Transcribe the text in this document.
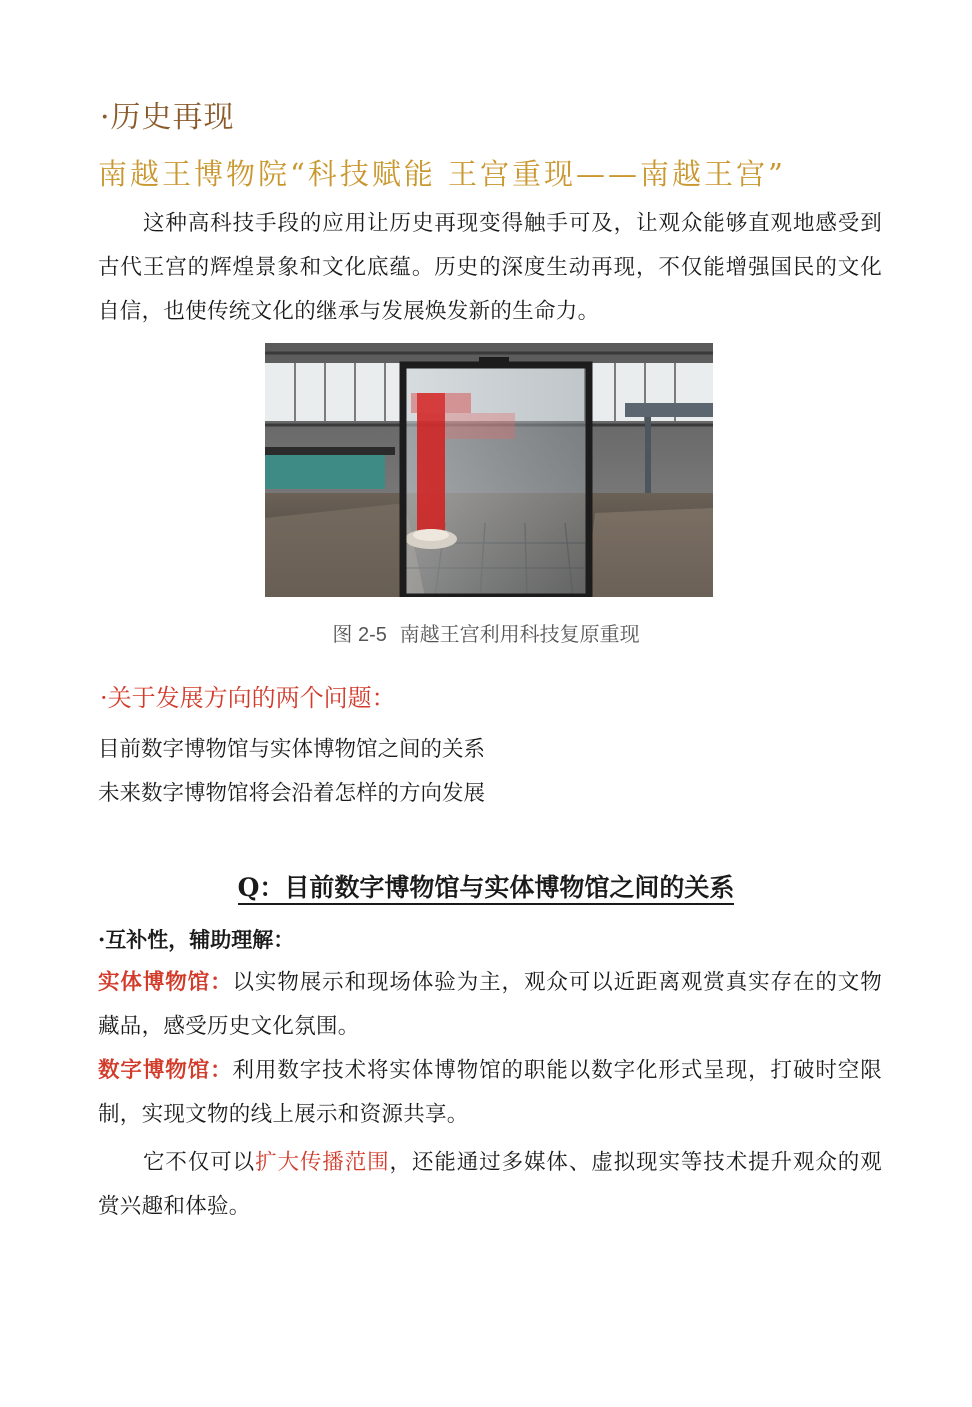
·历史再现
南越王博物院“科技赋能 王宫重现——南越王宫”
这种高科技手段的应用让历史再现变得触手可及，让观众能够直观地感受到古代王宫的辉煌景象和文化底蕴。历史的深度生动再现，不仅能增强国民的文化自信，也使传统文化的继承与发展焕发新的生命力。
图 2-5 南越王宫利用科技复原重现
·关于发展方向的两个问题：
目前数字博物馆与实体博物馆之间的关系
未来数字博物馆将会沿着怎样的方向发展
Q：目前数字博物馆与实体博物馆之间的关系
·互补性，辅助理解：
实体博物馆：以实物展示和现场体验为主，观众可以近距离观赏真实存在的文物藏品，感受历史文化氛围。
数字博物馆：利用数字技术将实体博物馆的职能以数字化形式呈现，打破时空限制，实现文物的线上展示和资源共享。
它不仅可以扩大传播范围，还能通过多媒体、虚拟现实等技术提升观众的观赏兴趣和体验。
